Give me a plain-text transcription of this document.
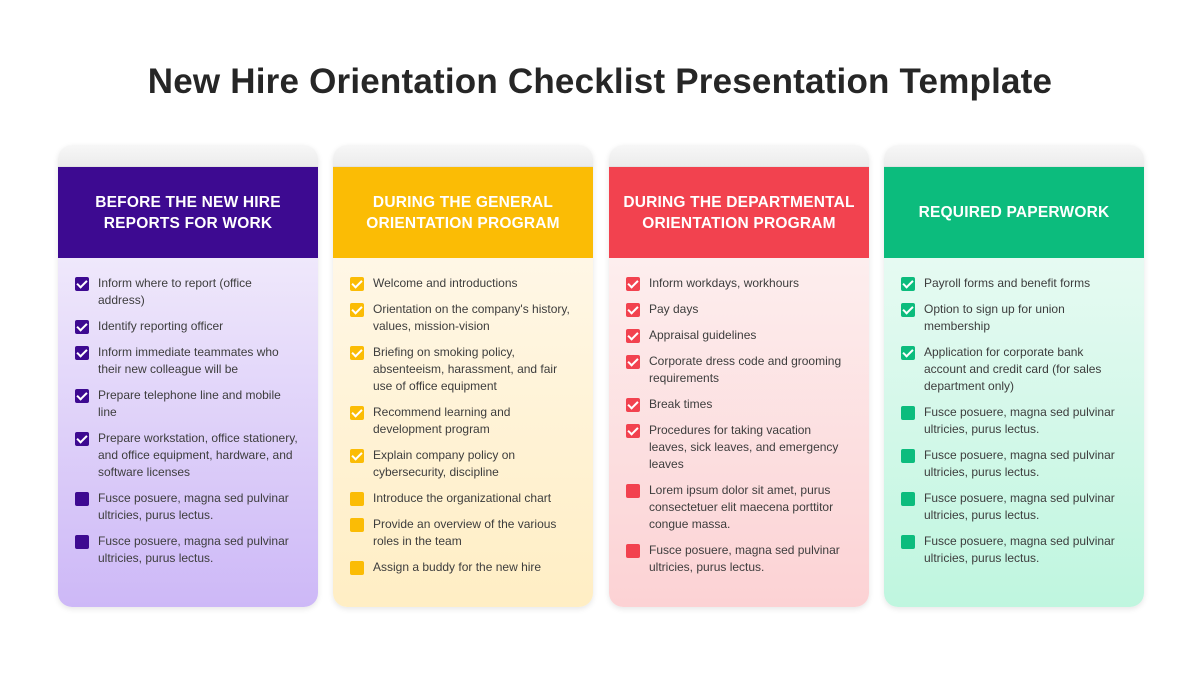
New Hire Orientation Checklist Presentation Template
BEFORE THE NEW HIRE REPORTS FOR WORK
Inform where to report (office address)
Identify reporting officer
Inform immediate teammates who their new colleague will be
Prepare telephone line and mobile line
Prepare workstation, office stationery, and office equipment, hardware, and software licenses
Fusce posuere, magna sed pulvinar ultricies, purus lectus.
Fusce posuere, magna sed pulvinar ultricies, purus lectus.
DURING THE GENERAL ORIENTATION PROGRAM
Welcome and introductions
Orientation on the company's history, values, mission-vision
Briefing on smoking policy, absenteeism, harassment, and fair use of office equipment
Recommend learning and development program
Explain company policy on cybersecurity, discipline
Introduce the organizational chart
Provide an overview of the various roles in the team
Assign a buddy for the new hire
DURING THE DEPARTMENTAL ORIENTATION PROGRAM
Inform workdays, workhours
Pay days
Appraisal guidelines
Corporate dress code and grooming requirements
Break times
Procedures for taking vacation leaves, sick leaves, and emergency leaves
Lorem ipsum dolor sit amet, purus consectetuer elit maecena porttitor congue massa.
Fusce posuere, magna sed pulvinar ultricies, purus lectus.
REQUIRED PAPERWORK
Payroll forms and benefit forms
Option to sign up for union membership
Application for corporate bank account and credit card (for sales department only)
Fusce posuere, magna sed pulvinar ultricies, purus lectus.
Fusce posuere, magna sed pulvinar ultricies, purus lectus.
Fusce posuere, magna sed pulvinar ultricies, purus lectus.
Fusce posuere, magna sed pulvinar ultricies, purus lectus.
